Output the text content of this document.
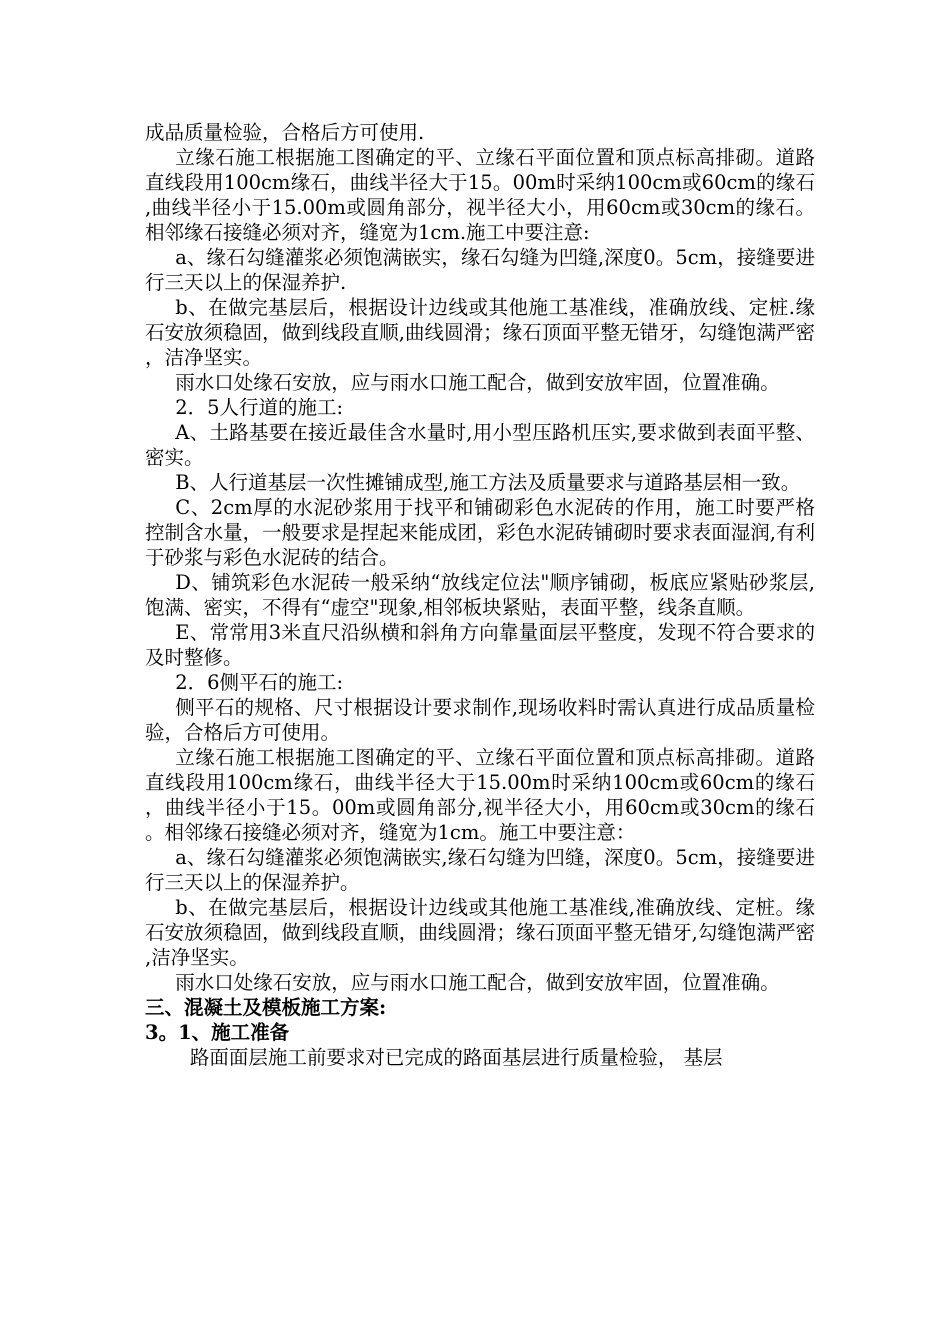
成品质量检验，合格后方可使用.

立缘石施工根据施工图确定的平、立缘石平面位置和顶点标高排砌。道路直线段用100cm缘石，曲线半径大于15。00m时采纳100cm或60cm的缘石,曲线半径小于15.00m或圆角部分，视半径大小，用60cm或30cm的缘石。相邻缘石接缝必须对齐，缝宽为1cm.施工中要注意:

a、缘石勾缝灌浆必须饱满嵌实，缘石勾缝为凹缝,深度0。5cm，接缝要进行三天以上的保湿养护.

b、在做完基层后，根据设计边线或其他施工基准线，准确放线、定桩.缘石安放须稳固，做到线段直顺,曲线圆滑；缘石顶面平整无错牙，勾缝饱满严密，洁净坚实。

雨水口处缘石安放，应与雨水口施工配合，做到安放牢固，位置准确。

2．5人行道的施工:

A、土路基要在接近最佳含水量时,用小型压路机压实,要求做到表面平整、密实。

B、人行道基层一次性摊铺成型,施工方法及质量要求与道路基层相一致。

C、2cm厚的水泥砂浆用于找平和铺砌彩色水泥砖的作用，施工时要严格控制含水量，一般要求是捏起来能成团，彩色水泥砖铺砌时要求表面湿润,有利于砂浆与彩色水泥砖的结合。

D、铺筑彩色水泥砖一般采纳“放线定位法"顺序铺砌，板底应紧贴砂浆层,饱满、密实，不得有“虚空"现象,相邻板块紧贴，表面平整，线条直顺。

E、常常用3米直尺沿纵横和斜角方向靠量面层平整度，发现不符合要求的及时整修。

2．6侧平石的施工:

侧平石的规格、尺寸根据设计要求制作,现场收料时需认真进行成品质量检验，合格后方可使用。

立缘石施工根据施工图确定的平、立缘石平面位置和顶点标高排砌。道路直线段用100cm缘石，曲线半径大于15.00m时采纳100cm或60cm的缘石，曲线半径小于15。00m或圆角部分,视半径大小，用60cm或30cm的缘石。相邻缘石接缝必须对齐，缝宽为1cm。施工中要注意：

a、缘石勾缝灌浆必须饱满嵌实,缘石勾缝为凹缝，深度0。5cm，接缝要进行三天以上的保湿养护。

b、在做完基层后，根据设计边线或其他施工基准线,准确放线、定桩。缘石安放须稳固，做到线段直顺，曲线圆滑；缘石顶面平整无错牙,勾缝饱满严密,洁净坚实。

雨水口处缘石安放，应与雨水口施工配合，做到安放牢固，位置准确。

三、混凝土及模板施工方案:

3。1、施工准备

路面面层施工前要求对已完成的路面基层进行质量检验， 基层
